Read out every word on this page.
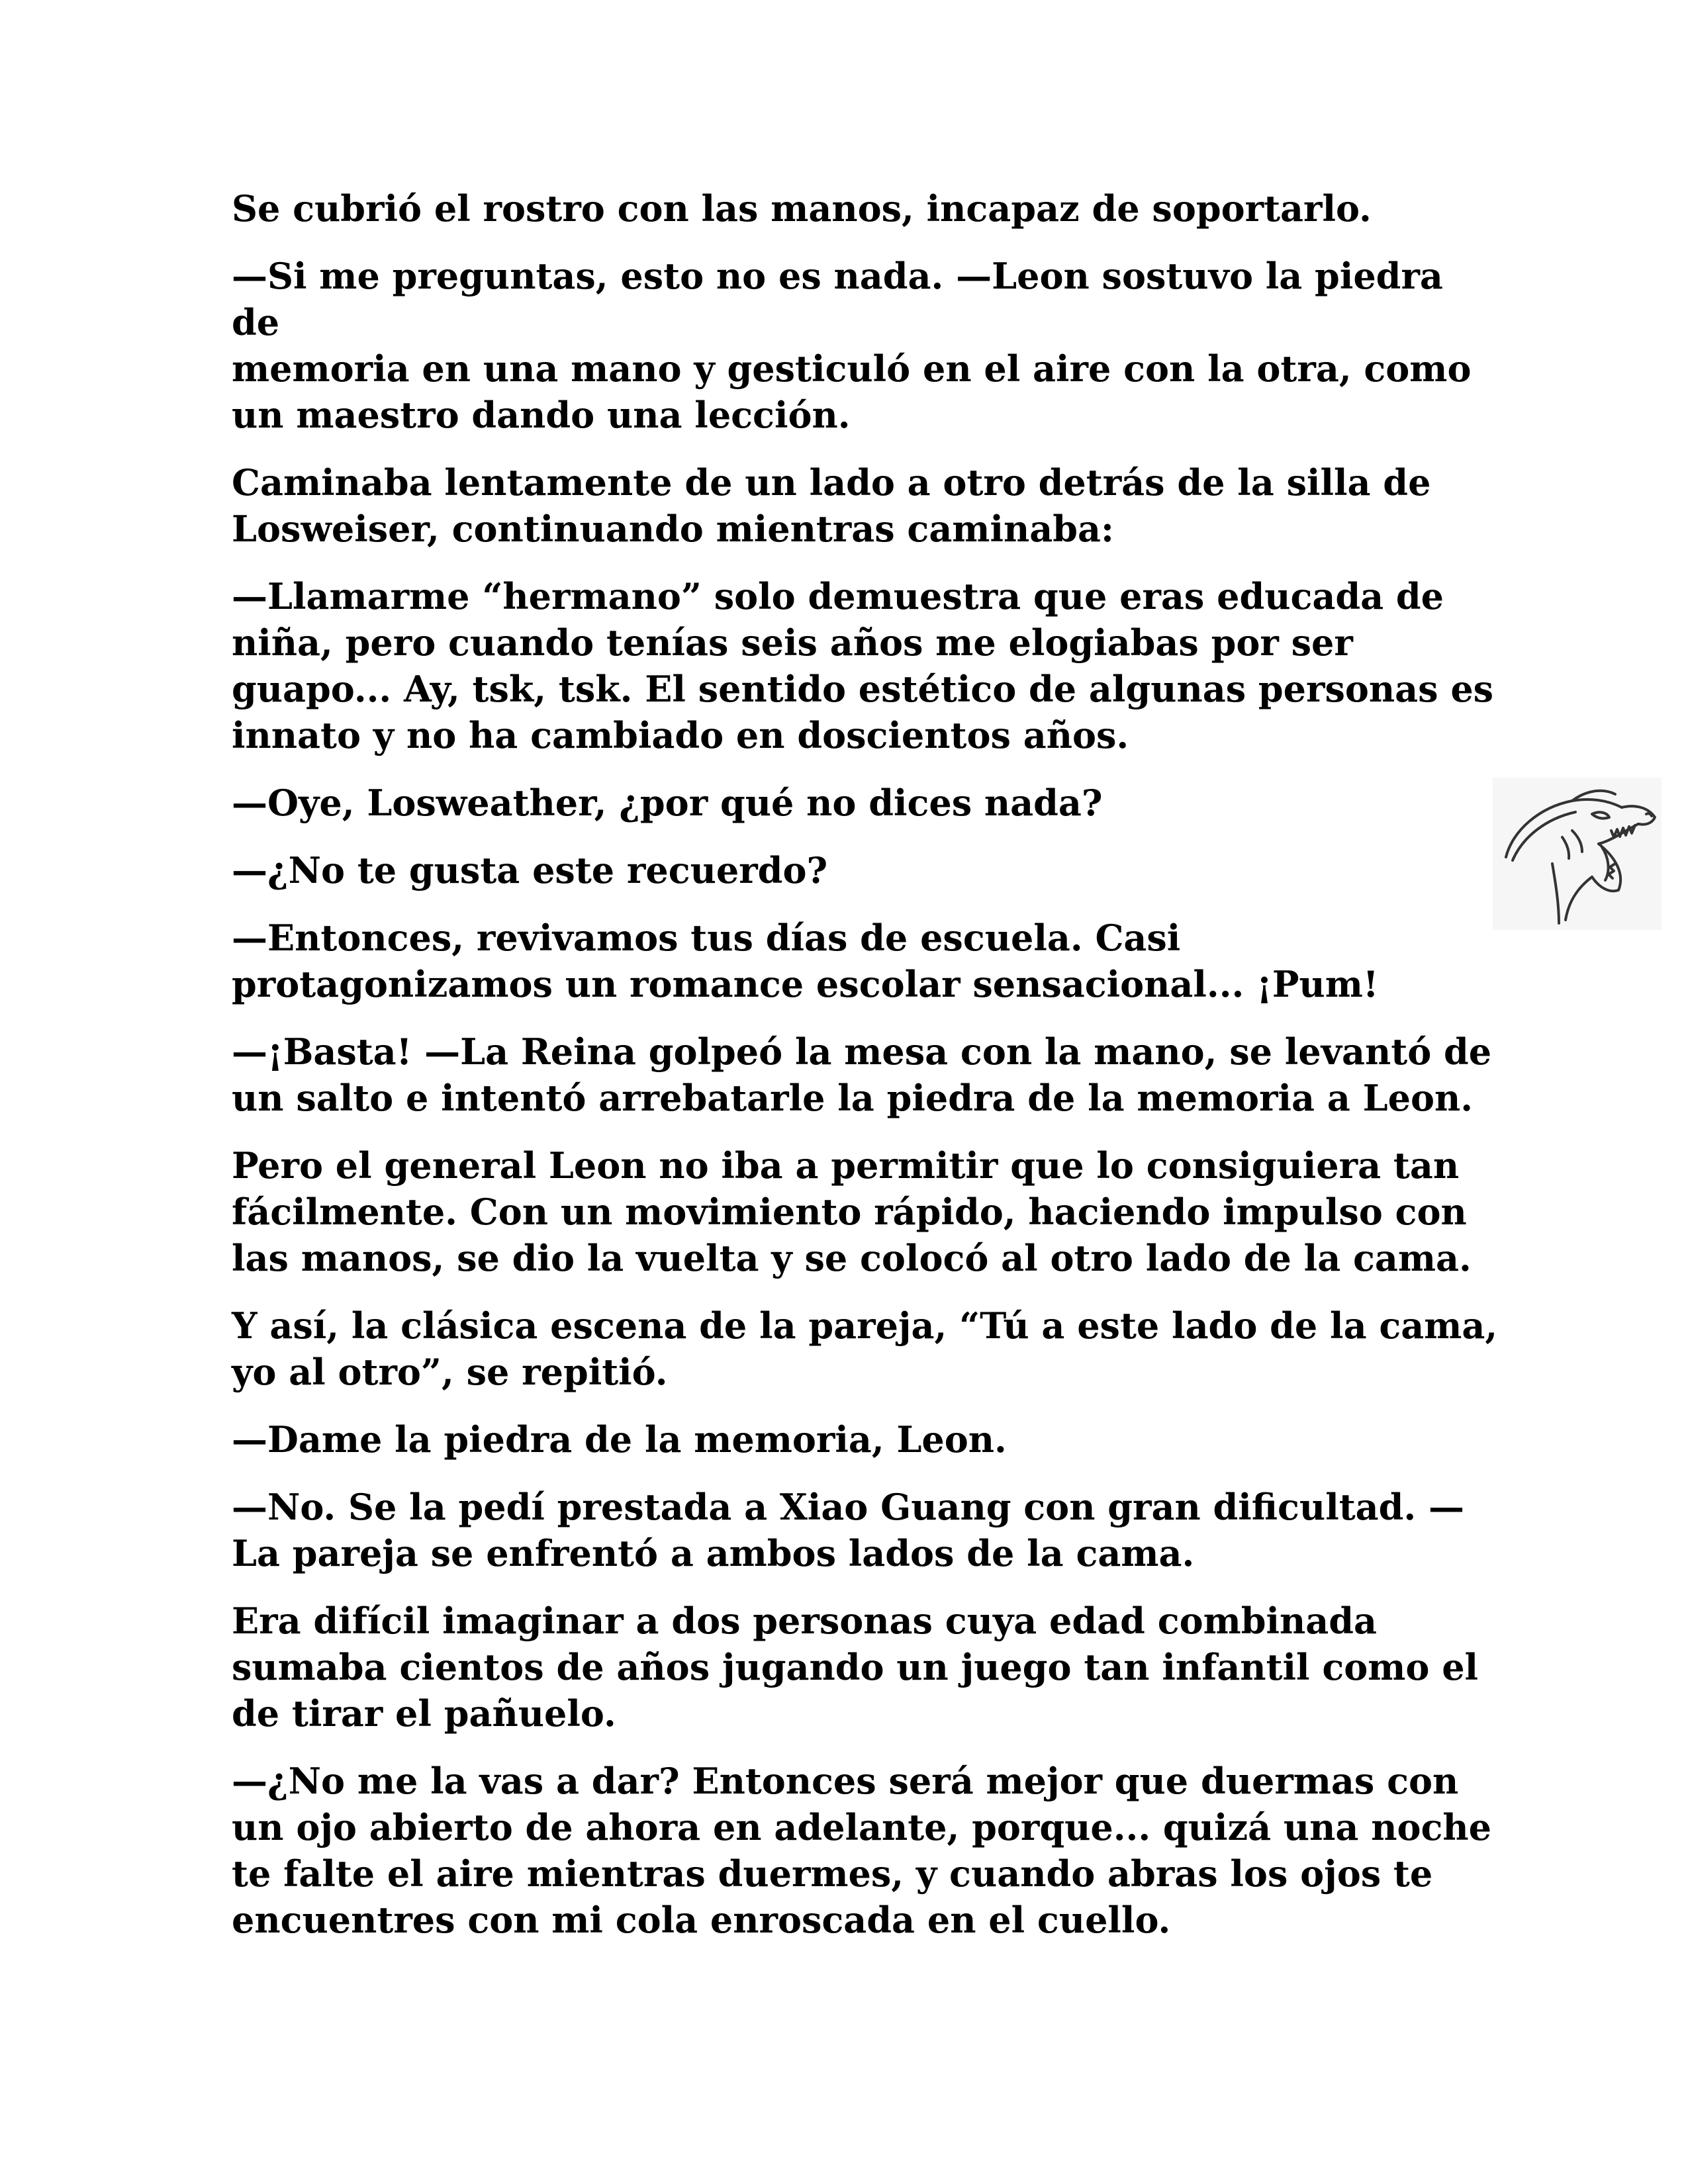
Se cubrió el rostro con las manos, incapaz de soportarlo.

—Si me preguntas, esto no es nada. —Leon sostuvo la piedra de
memoria en una mano y gesticuló en el aire con la otra, como
un maestro dando una lección.

Caminaba lentamente de un lado a otro detrás de la silla de
Losweiser, continuando mientras caminaba:

—Llamarme “hermano” solo demuestra que eras educada de
niña, pero cuando tenías seis años me elogiabas por ser
guapo... Ay, tsk, tsk. El sentido estético de algunas personas es
innato y no ha cambiado en doscientos años.

—Oye, Losweather, ¿por qué no dices nada?

—¿No te gusta este recuerdo?

—Entonces, revivamos tus días de escuela. Casi
protagonizamos un romance escolar sensacional... ¡Pum!

—¡Basta! —La Reina golpeó la mesa con la mano, se levantó de
un salto e intentó arrebatarle la piedra de la memoria a Leon.

Pero el general Leon no iba a permitir que lo consiguiera tan
fácilmente. Con un movimiento rápido, haciendo impulso con
las manos, se dio la vuelta y se colocó al otro lado de la cama.

Y así, la clásica escena de la pareja, “Tú a este lado de la cama,
yo al otro”, se repitió.

—Dame la piedra de la memoria, Leon.

—No. Se la pedí prestada a Xiao Guang con gran dificultad. —
La pareja se enfrentó a ambos lados de la cama.

Era difícil imaginar a dos personas cuya edad combinada
sumaba cientos de años jugando un juego tan infantil como el
de tirar el pañuelo.

—¿No me la vas a dar? Entonces será mejor que duermas con
un ojo abierto de ahora en adelante, porque... quizá una noche
te falte el aire mientras duermes, y cuando abras los ojos te
encuentres con mi cola enroscada en el cuello.
